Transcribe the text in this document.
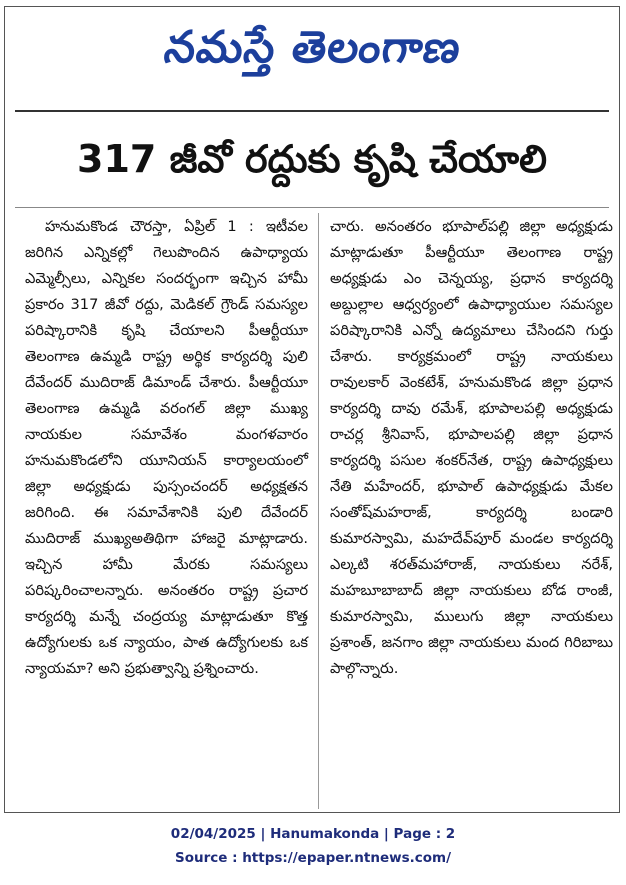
నమస్తే తెలంగాణ
317 జీవో రద్దుకు కృషి చేయాలి

హనుమకొండ చౌరస్తా, ఏప్రిల్ 1 : ఇటీవల జరిగిన ఎన్నికల్లో గెలుపొందిన ఉపాధ్యాయ ఎమ్మెల్సీలు, ఎన్నికల సందర్భంగా ఇచ్చిన హామీ ప్రకారం 317 జీవో రద్దు, మెడికల్ గ్రౌండ్ సమస్యల పరిష్కారానికి కృషి చేయాలని పీఆర్టీయూ తెలంగాణ ఉమ్మడి రాష్ట్ర అర్థిక కార్యదర్శి పులి దేవేందర్ ముదిరాజ్ డిమాండ్ చేశారు. పీఆర్టీయూ తెలంగాణ ఉమ్మడి వరంగల్ జిల్లా ముఖ్య నాయకుల సమావేశం మంగళవారం హనుమకొండలోని యూనియన్ కార్యాలయంలో జిల్లా అధ్యక్షుడు పుస్సంచందర్ అధ్యక్షతన జరిగింది. ఈ సమావేశానికి పులి దేవేందర్ ముదిరాజ్ ముఖ్యఅతిథిగా హాజరై మాట్లాడారు. ఇచ్చిన హామీ మేరకు సమస్యలు పరిష్కరించాలన్నారు. అనంతరం రాష్ట్ర ప్రచార కార్యదర్శి మన్నే చంద్రయ్య మాట్లాడుతూ కొత్త ఉద్యోగులకు ఒక న్యాయం, పాత ఉద్యోగులకు ఒక న్యాయమా? అని ప్రభుత్వాన్ని ప్రశ్నించారు.

చారు. అనంతరం భూపాల్‌పల్లి జిల్లా అధ్యక్షుడు మాట్లాడుతూ పీఆర్టీయూ తెలంగాణ రాష్ట్ర అధ్యక్షుడు ఎం చెన్నయ్య, ప్రధాన కార్యదర్శి అబ్దుల్లాల ఆధ్వర్యంలో ఉపాధ్యాయుల సమస్యల పరిష్కారానికి ఎన్నో ఉద్యమాలు చేసిందని గుర్తు చేశారు. కార్యక్రమంలో రాష్ట్ర నాయకులు రావులకార్ వెంకటేశ్, హనుమకొండ జిల్లా ప్రధాన కార్యదర్శి దావు రమేశ్, భూపాలపల్లి అధ్యక్షుడు రాచర్ల శ్రీనివాస్, భూపాలపల్లి జిల్లా ప్రధాన కార్యదర్శి పసుల శంకర్‌నేత, రాష్ట్ర ఉపాధ్యక్షులు నేతి మహేందర్, భూపాల్ ఉపాధ్యక్షుడు మేకల సంతోష్‌మహరాజ్, కార్యదర్శి బండారి కుమారస్వామి, మహదేవ్‌పూర్ మండల కార్యదర్శి ఎల్కటి శరత్‌మహారాజ్, నాయకులు నరేశ్, మహబూబాబాద్ జిల్లా నాయకులు బోడ రాంజీ, కుమారస్వామి, ములుగు జిల్లా నాయకులు ప్రశాంత్, జనగాం జిల్లా నాయకులు మంద గిరిబాబు పాల్గొన్నారు.

02/04/2025 | Hanumakonda | Page : 2
Source : https://epaper.ntnews.com/
